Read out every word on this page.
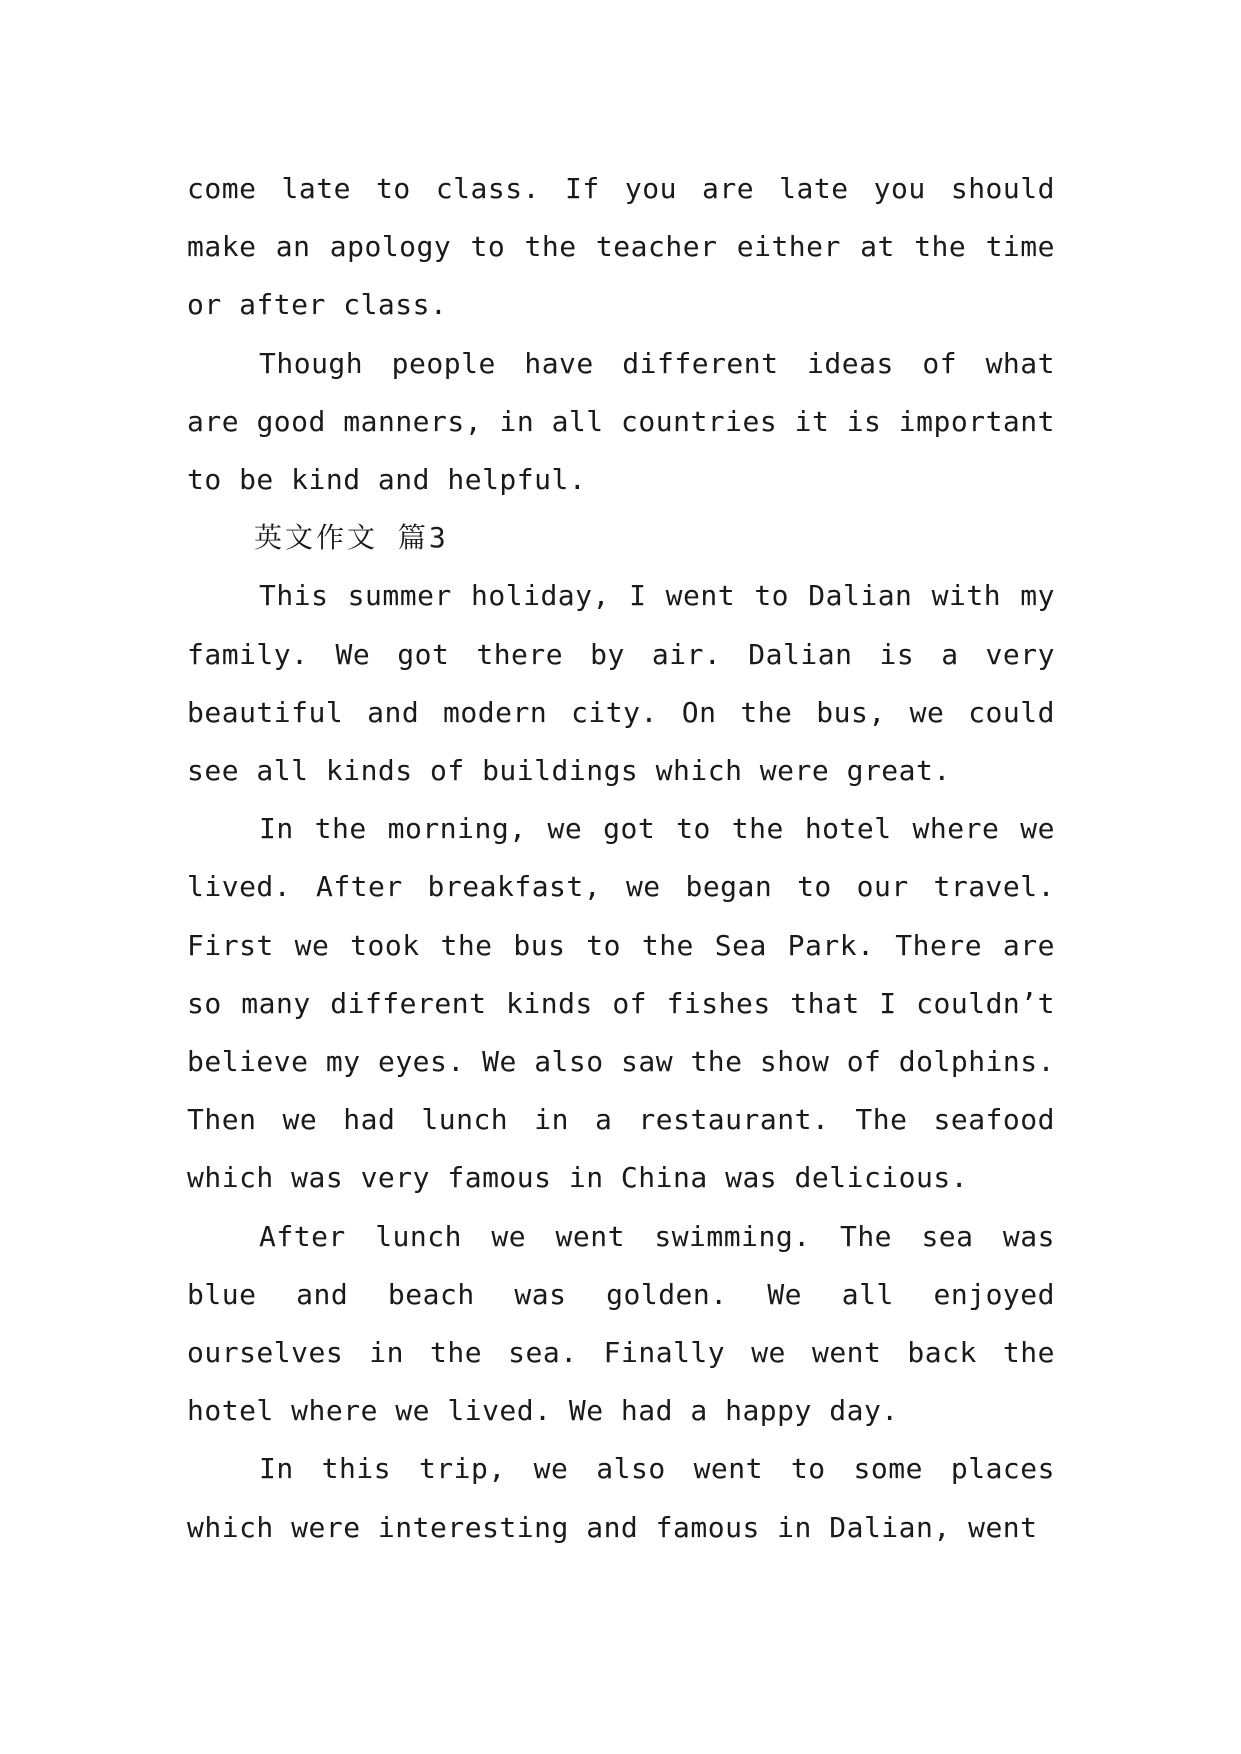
come late to class. If you are late you should make an apology to the teacher either at the time or after class.

Though people have different ideas of what are good manners, in all countries it is important to be kind and helpful.

英文作文 篇3

This summer holiday, I went to Dalian with my family. We got there by air. Dalian is a very beautiful and modern city. On the bus, we could see all kinds of buildings which were great.

In the morning, we got to the hotel where we lived. After breakfast, we began to our travel. First we took the bus to the Sea Park. There are so many different kinds of fishes that I couldn’t believe my eyes. We also saw the show of dolphins. Then we had lunch in a restaurant. The seafood which was very famous in China was delicious.

After lunch we went swimming. The sea was blue and beach was golden. We all enjoyed ourselves in the sea. Finally we went back the hotel where we lived. We had a happy day.

In this trip, we also went to some places which were interesting and famous in Dalian, went
